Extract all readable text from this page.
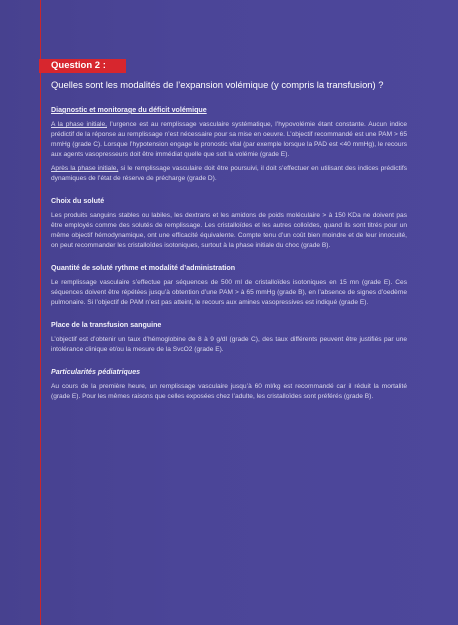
Question 2 :
Quelles sont les modalités de l’expansion volémique (y compris la transfusion) ?
Diagnostic et monitorage du déficit volémique
A la phase initiale, l’urgence est au remplissage vasculaire systématique, l’hypovolémie étant constante. Aucun indice prédictif de la réponse au remplissage n’est nécessaire pour sa mise en oeuvre. L’objectif recommandé est une PAM > 65 mmHg (grade C). Lorsque l’hypotension engage le pronostic vital (par exemple lorsque la PAD est <40 mmHg), le recours aux agents vasopresseurs doit être immédiat quelle que soit la volémie (grade E).
Après la phase initiale, si le remplissage vasculaire doit être poursuivi, il doit s’effectuer en utilisant des indices prédictifs dynamiques de l’état de réserve de précharge (grade D).
Choix du soluté
Les produits sanguins stables ou labiles, les dextrans et les amidons de poids moléculaire > à 150 KDa ne doivent pas être employés comme des solutés de remplissage. Les cristalloïdes et les autres colloïdes, quand ils sont titrés pour un même objectif hémodynamique, ont une efficacité équivalente. Compte tenu d’un coût bien moindre et de leur innocuité, on peut recommander les cristalloïdes isotoniques, surtout à la phase initiale du choc (grade B).
Quantité de soluté rythme et modalité d’administration
Le remplissage vasculaire s’effectue par séquences de 500 ml de cristalloïdes isotoniques en 15 mn (grade E). Ces séquences doivent être répétées jusqu’à obtention d’une PAM > à 65 mmHg (grade B), en l’absence de signes d’oedème pulmonaire. Si l’objectif de PAM n’est pas atteint, le recours aux amines vasopressives est indiqué (grade E).
Place de la transfusion sanguine
L’objectif est d’obtenir un taux d’hémoglobine de 8 à 9 g/dl (grade C), des taux différents peuvent être justifiés par une intolérance clinique et/ou la mesure de la SvcO2 (grade E).
Particularités pédiatriques
Au cours de la première heure, un remplissage vasculaire jusqu’à 60 ml/kg est recommandé car il réduit la mortalité (grade E). Pour les mêmes raisons que celles exposées chez l’adulte, les cristalloïdes sont préférés (grade B).
